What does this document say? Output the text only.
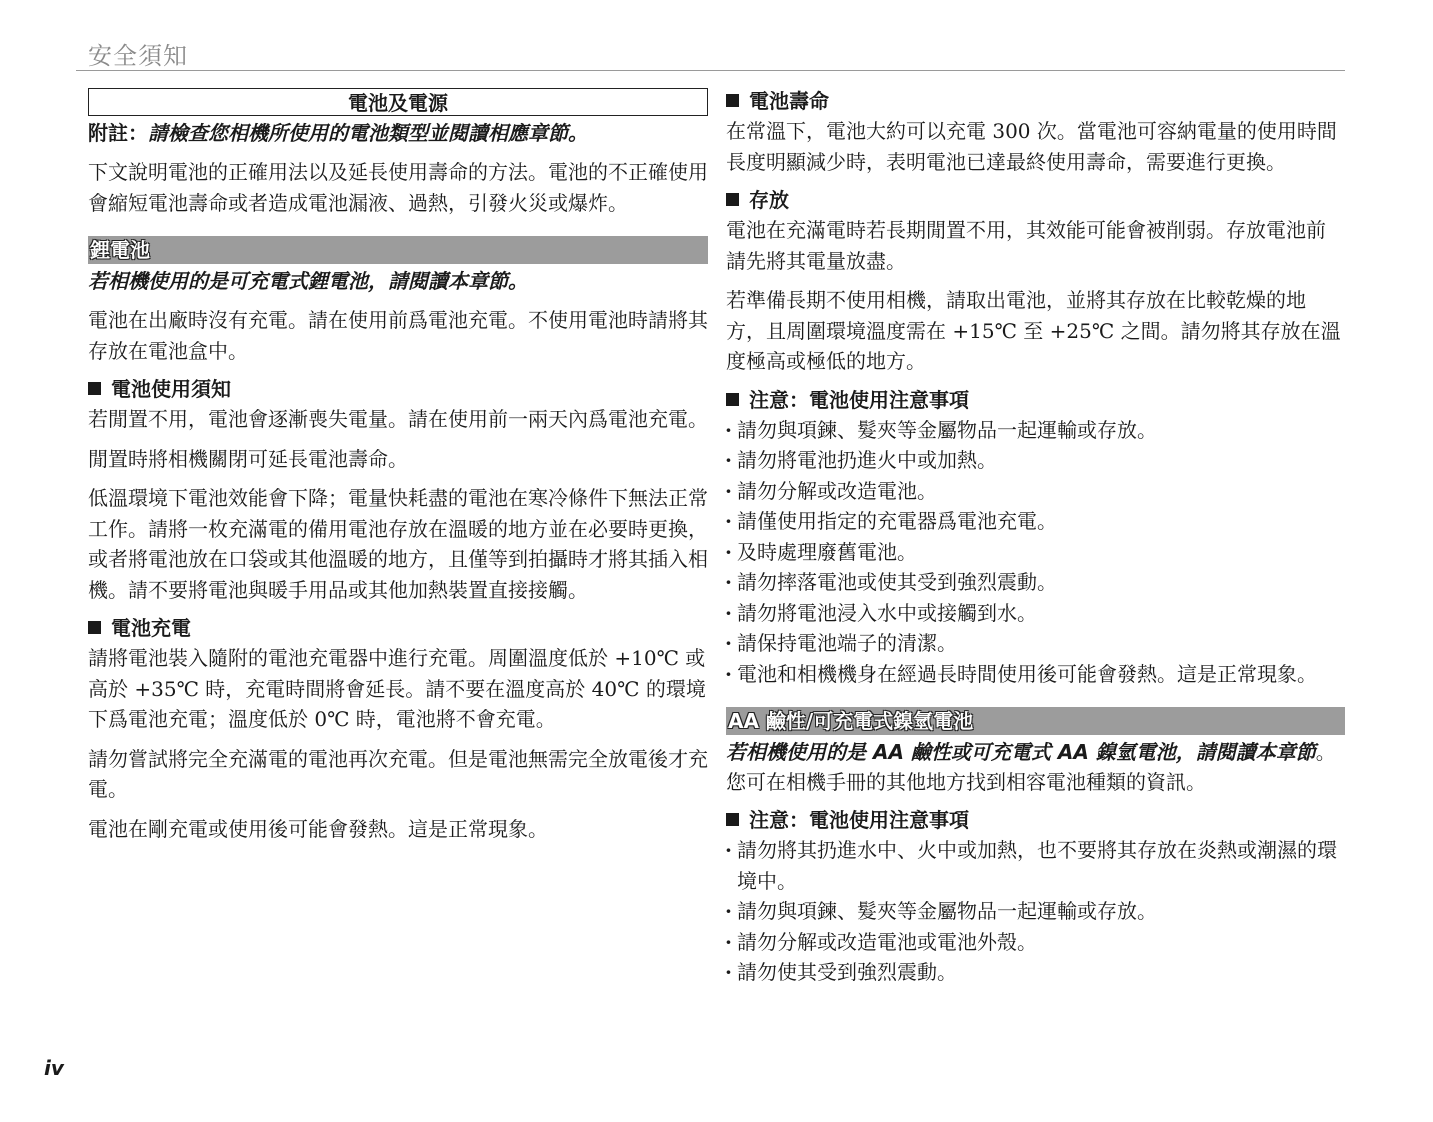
安全須知
電池及電源
附註：請檢查您相機所使用的電池類型並閱讀相應章節。
下文說明電池的正確用法以及延長使用壽命的方法。電池的不正確使用會縮短電池壽命或者造成電池漏液、過熱，引發火災或爆炸。
鋰電池
若相機使用的是可充電式鋰電池，請閱讀本章節。
電池在出廠時沒有充電。請在使用前爲電池充電。不使用電池時請將其存放在電池盒中。
電池使用須知
若閒置不用，電池會逐漸喪失電量。請在使用前一兩天內爲電池充電。
閒置時將相機關閉可延長電池壽命。
低溫環境下電池效能會下降；電量快耗盡的電池在寒冷條件下無法正常工作。請將一枚充滿電的備用電池存放在溫暖的地方並在必要時更換，或者將電池放在口袋或其他溫暖的地方，且僅等到拍攝時才將其插入相機。請不要將電池與暖手用品或其他加熱裝置直接接觸。
電池充電
請將電池裝入隨附的電池充電器中進行充電。周圍溫度低於 +10℃ 或高於 +35℃ 時，充電時間將會延長。請不要在溫度高於 40℃ 的環境下爲電池充電；溫度低於 0℃ 時，電池將不會充電。
請勿嘗試將完全充滿電的電池再次充電。但是電池無需完全放電後才充電。
電池在剛充電或使用後可能會發熱。這是正常現象。
電池壽命
在常溫下，電池大約可以充電 300 次。當電池可容納電量的使用時間長度明顯減少時，表明電池已達最終使用壽命，需要進行更換。
存放
電池在充滿電時若長期閒置不用，其效能可能會被削弱。存放電池前請先將其電量放盡。
若準備長期不使用相機，請取出電池，並將其存放在比較乾燥的地方，且周圍環境溫度需在 +15℃ 至 +25℃ 之間。請勿將其存放在溫度極高或極低的地方。
注意：電池使用注意事項
· 請勿與項鍊、髮夾等金屬物品一起運輸或存放。
· 請勿將電池扔進火中或加熱。
· 請勿分解或改造電池。
· 請僅使用指定的充電器爲電池充電。
· 及時處理廢舊電池。
· 請勿摔落電池或使其受到強烈震動。
· 請勿將電池浸入水中或接觸到水。
· 請保持電池端子的清潔。
· 電池和相機機身在經過長時間使用後可能會發熱。這是正常現象。
AA 鹼性/可充電式鎳氫電池
若相機使用的是 AA 鹼性或可充電式 AA 鎳氫電池，請閱讀本章節。您可在相機手冊的其他地方找到相容電池種類的資訊。
注意：電池使用注意事項
· 請勿將其扔進水中、火中或加熱，也不要將其存放在炎熱或潮濕的環境中。
· 請勿與項鍊、髮夾等金屬物品一起運輸或存放。
· 請勿分解或改造電池或電池外殼。
· 請勿使其受到強烈震動。
iv
